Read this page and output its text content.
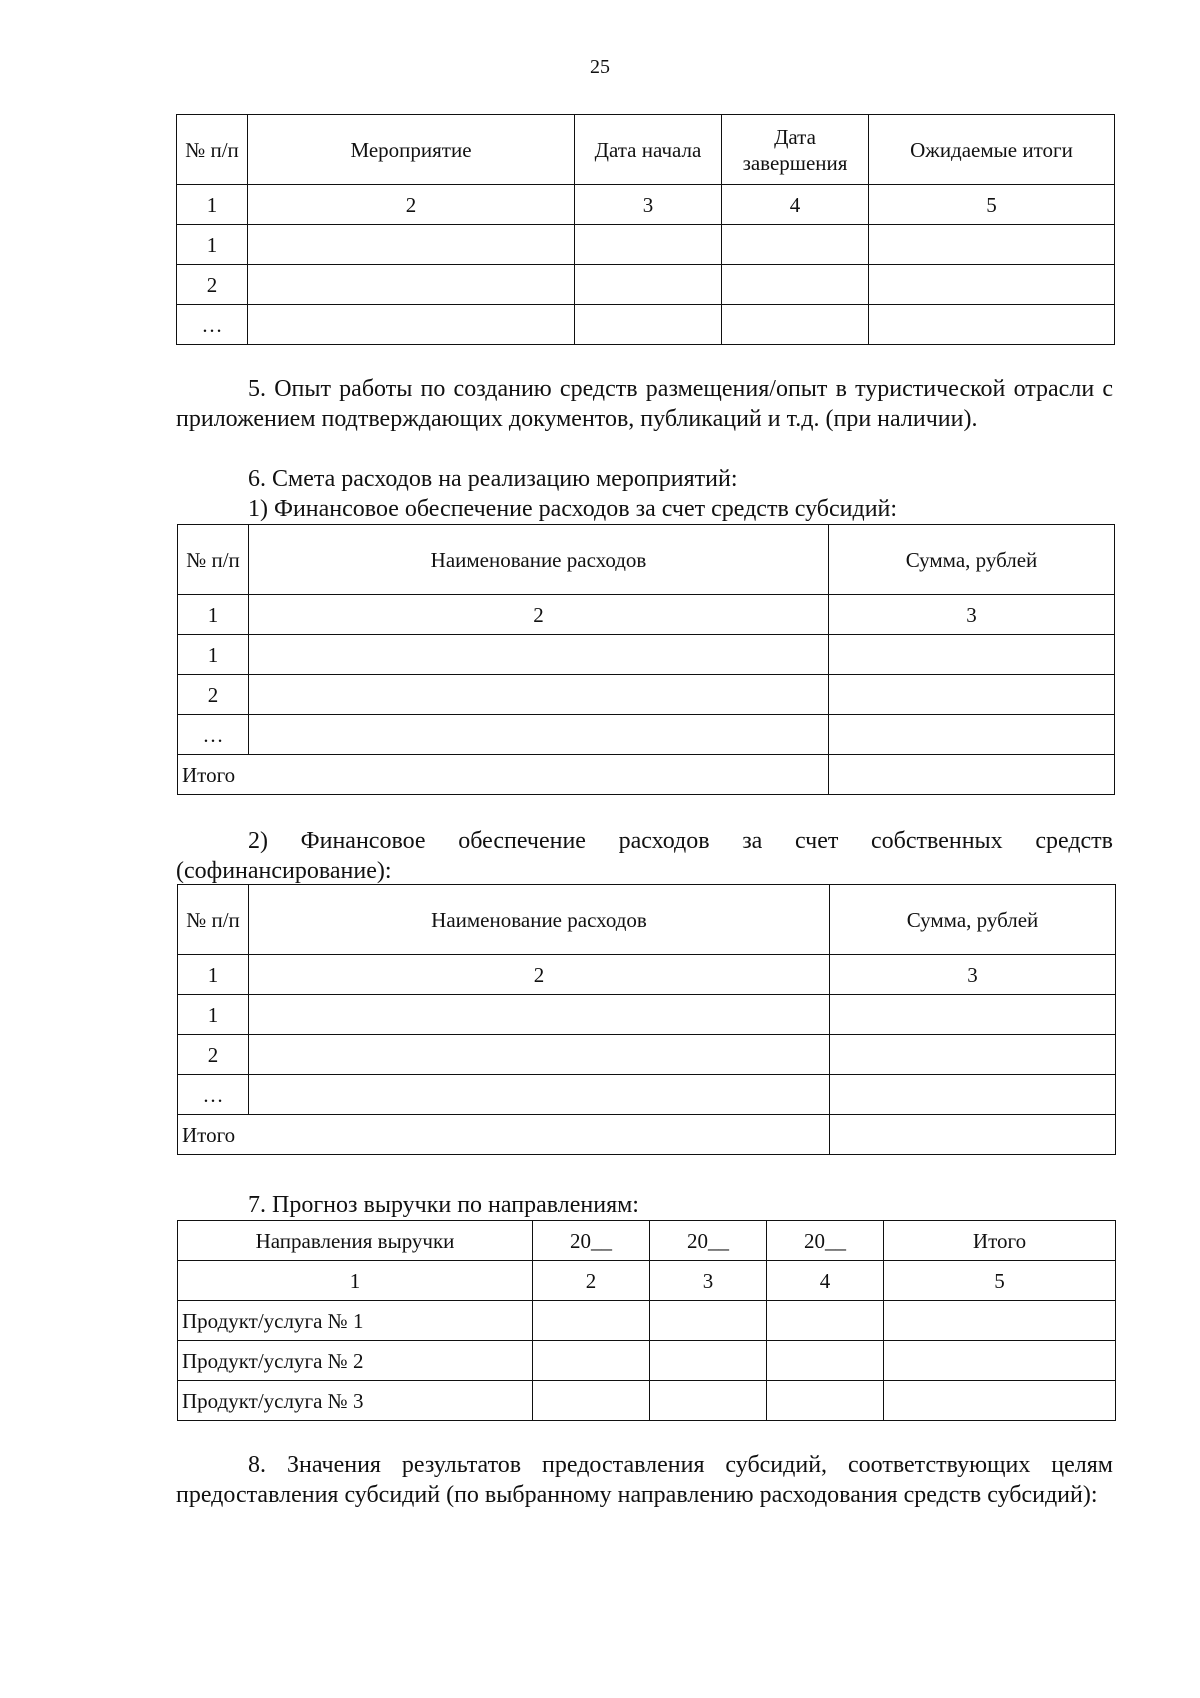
25
№ п/п	Мероприятие	Дата начала	Дата завершения	Ожидаемые итоги
1	2	3	4	5
1				
2				
…				
5. Опыт работы по созданию средств размещения/опыт в туристической отрасли с приложением подтверждающих документов, публикаций и т.д. (при наличии).
6. Смета расходов на реализацию мероприятий:
1) Финансовое обеспечение расходов за счет средств субсидий:
№ п/п	Наименование расходов	Сумма, рублей
1	2	3
1		
2		
…		
Итого		
2) Финансовое обеспечение расходов за счет собственных средств (софинансирование):
№ п/п	Наименование расходов	Сумма, рублей
1	2	3
1		
2		
…		
Итого		
7. Прогноз выручки по направлениям:
Направления выручки	20__	20__	20__	Итого
1	2	3	4	5
Продукт/услуга № 1				
Продукт/услуга № 2				
Продукт/услуга № 3				
8. Значения результатов предоставления субсидий, соответствующих целям предоставления субсидий (по выбранному направлению расходования средств субсидий):
